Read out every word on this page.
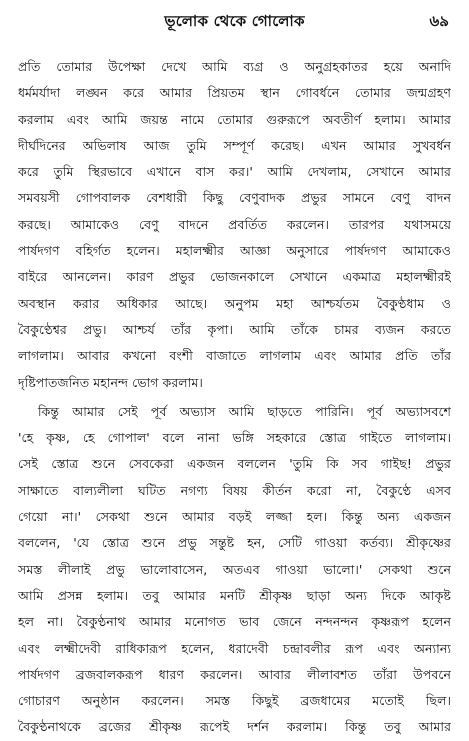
ভূলোক থেকে গোলোক	৬৯
প্রতি তোমার উপেক্ষা দেখে আমি ব্যগ্র ও অনুগ্রহকাতর হয়ে অনাদি
ধর্মমর্যাদা লঙ্ঘন করে আমার প্রিয়তম স্থান গোবর্ধনে তোমার জন্মগ্রহণ
করলাম এবং আমি জয়ন্ত নামে তোমার গুরুরূপে অবতীর্ণ হলাম। আমার
দীর্ঘদিনের অভিলাষ আজ তুমি সম্পূর্ণ করেছ। এখন আমার সুখবর্ধন
করে তুমি স্থিরভাবে এখানে বাস কর।' আমি দেখলাম, সেখানে আমার
সমবয়সী গোপবালক বেশধারী কিছু বেণুবাদক প্রভুর সামনে বেণু বাদন
করছে। আমাকেও বেণু বাদনে প্রবর্তিত করলেন। তারপর যথাসময়ে
পার্ষদগণ বহির্গত হলেন। মহালক্ষ্মীর আজ্ঞা অনুসারে পার্ষদগণ আমাকেও
বাইরে আনলেন। কারণ প্রভুর ভোজনকালে সেখানে একমাত্র মহালক্ষ্মীরই
অবস্থান করার অধিকার আছে। অনুপম মহা আশ্চর্যতম বৈকুণ্ঠধাম ও
বৈকুণ্ঠেশ্বর প্রভু। আশ্চর্য তাঁর কৃপা। আমি তাঁকে চামর ব্যজন করতে
লাগলাম। আবার কখনো বংশী বাজাতে লাগলাম এবং আমার প্রতি তাঁর
দৃষ্টিপাতজনিত মহানন্দ ভোগ করলাম।
কিন্তু আমার সেই পূর্ব অভ্যাস আমি ছাড়তে পারিনি। পূর্ব অভ্যাসবশে
'হে কৃষ্ণ, হে গোপাল' বলে নানা ভঙ্গি সহকারে স্তোত্র গাইতে লাগলাম।
সেই স্তোত্র শুনে সেবকেরা একজন বললেন 'তুমি কি সব গাইছ! প্রভুর
সাক্ষাতে বাল্যলীলা ঘটিত নগণ্য বিষয় কীর্তন করো না, বৈকুণ্ঠে এসব
গেয়ো না।' সেকথা শুনে আমার বড়ই লজ্জা হল। কিন্তু অন্য একজন
বললেন, 'যে স্তোত্র শুনে প্রভু সন্তুষ্ট হন, সেটি গাওয়া কর্তব্য। শ্রীকৃষ্ণের
সমস্ত লীলাই প্রভু ভালোবাসেন, অতএব গাওয়া ভালো।' সেকথা শুনে
আমি প্রসন্ন হলাম। তবু আমার মনটি শ্রীকৃষ্ণ ছাড়া অন্য দিকে আকৃষ্ট
হল না। বৈকুণ্ঠনাথ আমার মনোগত ভাব জেনে নন্দনন্দন কৃষ্ণরূপ হলেন
এবং লক্ষ্মীদেবী রাধিকারূপ হলেন, ধরাদেবী চন্দ্রাবলীর রূপ এবং অন্যান্য
পার্ষদগণ ব্রজবালকরূপ ধারণ করলেন। আবার লীলাবশত তাঁরা উপবনে
গোচারণ অনুষ্ঠান করলেন। সমস্ত কিছুই ব্রজধামের মতোই ছিল।
বৈকুণ্ঠনাথকে ব্রজের শ্রীকৃষ্ণ রূপেই দর্শন করলাম। কিন্তু তবু আমার
